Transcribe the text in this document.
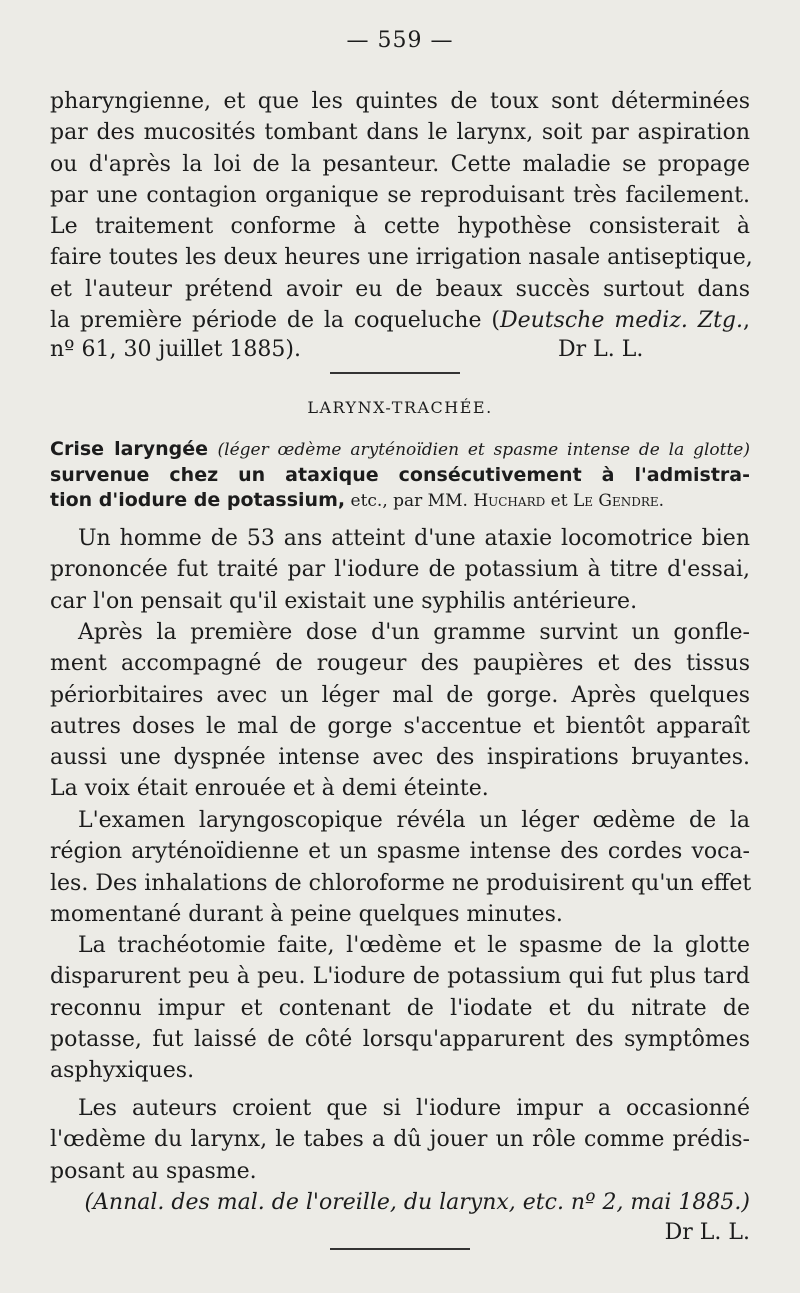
— 559 —
pharyngienne, et que les quintes de toux sont déterminées
par des mucosités tombant dans le larynx, soit par aspiration
ou d'après la loi de la pesanteur. Cette maladie se propage
par une contagion organique se reproduisant très facilement.
Le traitement conforme à cette hypothèse consisterait à
faire toutes les deux heures une irrigation nasale antiseptique,
et l'auteur prétend avoir eu de beaux succès surtout dans
la première période de la coqueluche (Deutsche mediz. Ztg.,
nº 61, 30 juillet 1885).	Dr L. L.
LARYNX-TRACHÉE.
Crise laryngée (léger œdème aryténoïdien et spasme intense de la glotte)
survenue chez un ataxique consécutivement à l'admistra-
tion d'iodure de potassium, etc., par MM. Huchard et Le Gendre.
Un homme de 53 ans atteint d'une ataxie locomotrice bien
prononcée fut traité par l'iodure de potassium à titre d'essai,
car l'on pensait qu'il existait une syphilis antérieure.
Après la première dose d'un gramme survint un gonfle-
ment accompagné de rougeur des paupières et des tissus
périorbitaires avec un léger mal de gorge. Après quelques
autres doses le mal de gorge s'accentue et bientôt apparaît
aussi une dyspnée intense avec des inspirations bruyantes.
La voix était enrouée et à demi éteinte.
L'examen laryngoscopique révéla un léger œdème de la
région aryténoïdienne et un spasme intense des cordes voca-
les. Des inhalations de chloroforme ne produisirent qu'un effet
momentané durant à peine quelques minutes.
La trachéotomie faite, l'œdème et le spasme de la glotte
disparurent peu à peu. L'iodure de potassium qui fut plus tard
reconnu impur et contenant de l'iodate et du nitrate de
potasse, fut laissé de côté lorsqu'apparurent des symptômes
asphyxiques.
Les auteurs croient que si l'iodure impur a occasionné
l'œdème du larynx, le tabes a dû jouer un rôle comme prédis-
posant au spasme.
(Annal. des mal. de l'oreille, du larynx, etc. nº 2, mai 1885.)
Dr L. L.
